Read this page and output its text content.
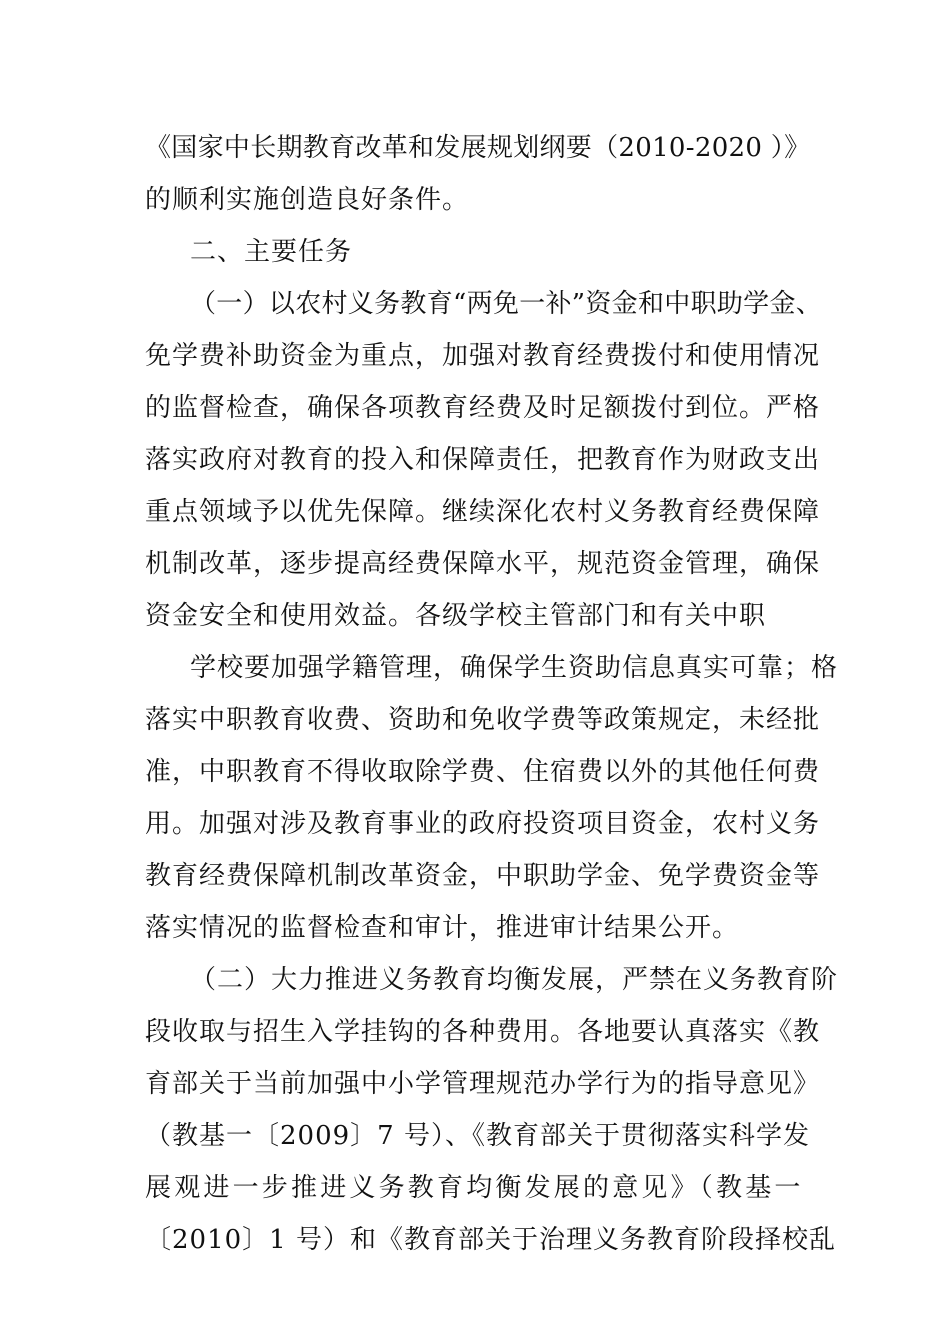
《国家中长期教育改革和发展规划纲要（2010-2020 ）》
的顺利实施创造良好条件。
二、主要任务
（一）以农村义务教育“两免一补”资金和中职助学金、
免学费补助资金为重点，加强对教育经费拨付和使用情况
的监督检查，确保各项教育经费及时足额拨付到位。严格
落实政府对教育的投入和保障责任，把教育作为财政支出
重点领域予以优先保障。继续深化农村义务教育经费保障
机制改革，逐步提高经费保障水平，规范资金管理，确保
资金安全和使用效益。各级学校主管部门和有关中职
学校要加强学籍管理，确保学生资助信息真实可靠；格
落实中职教育收费、资助和免收学费等政策规定，未经批
准，中职教育不得收取除学费、住宿费以外的其他任何费
用。加强对涉及教育事业的政府投资项目资金，农村义务
教育经费保障机制改革资金，中职助学金、免学费资金等
落实情况的监督检查和审计，推进审计结果公开。
（二）大力推进义务教育均衡发展，严禁在义务教育阶
段收取与招生入学挂钩的各种费用。各地要认真落实《教
育部关于当前加强中小学管理规范办学行为的指导意见》
（教基一〔2009〕7 号）、《教育部关于贯彻落实科学发
展观进一步推进义务教育均衡发展的意见》（教基一
〔2010〕1 号）和《教育部关于治理义务教育阶段择校乱
